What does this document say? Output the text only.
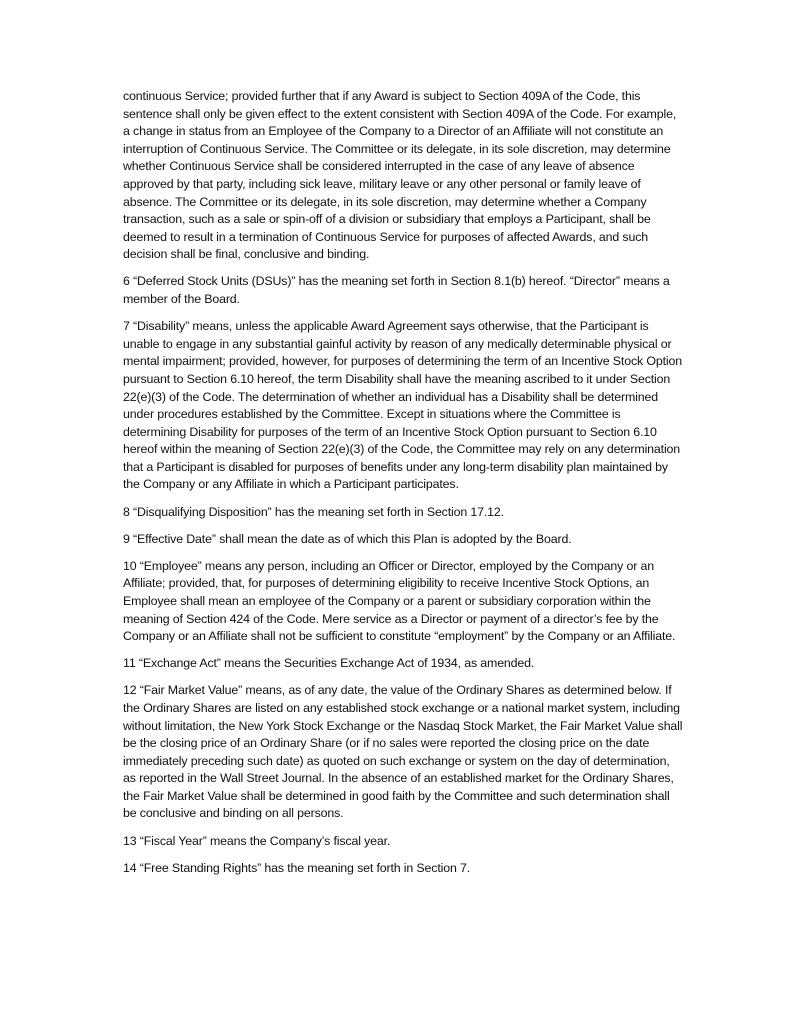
continuous Service; provided further that if any Award is subject to Section 409A of the Code, this sentence shall only be given effect to the extent consistent with Section 409A of the Code. For example, a change in status from an Employee of the Company to a Director of an Affiliate will not constitute an interruption of Continuous Service. The Committee or its delegate, in its sole discretion, may determine whether Continuous Service shall be considered interrupted in the case of any leave of absence approved by that party, including sick leave, military leave or any other personal or family leave of absence. The Committee or its delegate, in its sole discretion, may determine whether a Company transaction, such as a sale or spin-off of a division or subsidiary that employs a Participant, shall be deemed to result in a termination of Continuous Service for purposes of affected Awards, and such decision shall be final, conclusive and binding.

6 “Deferred Stock Units (DSUs)” has the meaning set forth in Section 8.1(b) hereof. “Director” means a member of the Board.

7 “Disability” means, unless the applicable Award Agreement says otherwise, that the Participant is unable to engage in any substantial gainful activity by reason of any medically determinable physical or mental impairment; provided, however, for purposes of determining the term of an Incentive Stock Option pursuant to Section 6.10 hereof, the term Disability shall have the meaning ascribed to it under Section 22(e)(3) of the Code. The determination of whether an individual has a Disability shall be determined under procedures established by the Committee. Except in situations where the Committee is determining Disability for purposes of the term of an Incentive Stock Option pursuant to Section 6.10 hereof within the meaning of Section 22(e)(3) of the Code, the Committee may rely on any determination that a Participant is disabled for purposes of benefits under any long-term disability plan maintained by the Company or any Affiliate in which a Participant participates.

8 “Disqualifying Disposition” has the meaning set forth in Section 17.12.

9 “Effective Date” shall mean the date as of which this Plan is adopted by the Board.

10 “Employee” means any person, including an Officer or Director, employed by the Company or an Affiliate; provided, that, for purposes of determining eligibility to receive Incentive Stock Options, an Employee shall mean an employee of the Company or a parent or subsidiary corporation within the meaning of Section 424 of the Code. Mere service as a Director or payment of a director’s fee by the Company or an Affiliate shall not be sufficient to constitute “employment” by the Company or an Affiliate.

11 “Exchange Act” means the Securities Exchange Act of 1934, as amended.

12 “Fair Market Value” means, as of any date, the value of the Ordinary Shares as determined below. If the Ordinary Shares are listed on any established stock exchange or a national market system, including without limitation, the New York Stock Exchange or the Nasdaq Stock Market, the Fair Market Value shall be the closing price of an Ordinary Share (or if no sales were reported the closing price on the date immediately preceding such date) as quoted on such exchange or system on the day of determination, as reported in the Wall Street Journal. In the absence of an established market for the Ordinary Shares, the Fair Market Value shall be determined in good faith by the Committee and such determination shall be conclusive and binding on all persons.

13 “Fiscal Year” means the Company’s fiscal year.

14 “Free Standing Rights” has the meaning set forth in Section 7.
